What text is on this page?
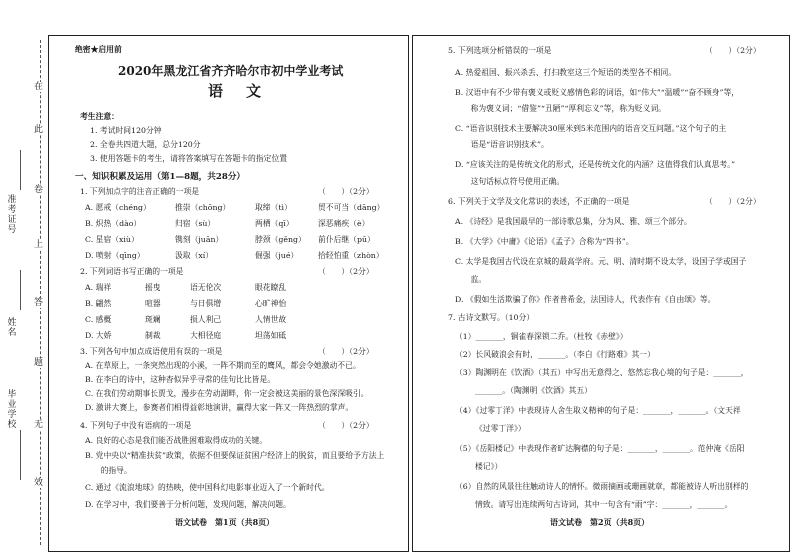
在
此
卷
上
答
题
无
效
准考证号
姓名
毕业学校
绝密★启用前
2020年黑龙江省齐齐哈尔市初中学业考试
语　文
考生注意：
1. 考试时间120分钟
2. 全卷共四道大题，总分120分
3. 使用答题卡的考生，请将答案填写在答题卡的指定位置
一、知识积累及运用（第1—8题，共28分）
1. 下列加点字的注音正确的一项是	（　　）（2分）
A. 愿戒（chéng）	推崇（chōng）	取缔（tì）	贸不可当（dāng）
B. 炽热（dào）	归宿（sù）	两栖（qī）	深恶痛疾（è）
C. 星宿（xiù）	镌刻（juān）	脖颈（gěng） 前仆后继（pū）
D. 喷射（qīng）	汲取（xí）	倔强（jué）	拾轻怕重（zhòn）
2. 下列词语书写正确的一项是	（　　）（2分）
A. 瑞祥	摇曳	语无伦次	眼花瞭乱
B. 翩然	喧器	与日俱增	心旷神怡
C. 感概	斑斓	损人利己	人情世故
D. 大娇	制裁	大相径庭	坦荡如砥
3. 下列各句中加点成语使用有误的一项是	（　　）（2分）
A. 在草原上，一条突然出现的小溪，一阵不期而至的鹰风，都会令她激动不已。
B. 在李白的诗中，这种杳似异乎寻常的佳句比比皆是。
C. 在我们劳动期事长贾戈，漫步在劳动湖畔，你一定会被这美丽的景色深深吸引。
D. 激讲大赛上，参赛者们相得益彰地演讲，赢得大家一阵又一阵热烈的掌声。
4. 下列句子中没有语病的一项是	（　　）（2分）
A. 良好的心态是我们能否战胜困难取得成功的关键。
B. 党中央以“精准扶贫”政策，依据不但要保证贫困户经济上的脱贫，而且要给予方法上
　　的指导。
C. 通过《流浪地球》的热映，使中国科幻电影事业迈入了一个新时代。
D. 在学习中，我们要善于分析问题，发现问题，解决问题。
语文试卷　第1页（共8页）
5. 下列选项分析错误的一项是	（　　）（2分）
A. 热爱祖国、振兴杀丢、打扫教室这三个短语的类型各不相同。
B. 汉语中有不少带有褒义或贬义感情色彩的词语，如“伟大”“温暖”“奋不顾身”等，
　　称为褒义词；“借鉴”“丑陋”“厚利忘义”等，称为贬义词。
C. “语音识别技术主要解决30厘米到5米范围内的语音交互问题。”这个句子的主
　　语是“语音识别技术”。
D. “应该关注的是传统文化的形式，还是传统文化的内涵？这值得我们认真思考。”
　　这句话标点符号使用正确。
6. 下列关于文学及文化常识的表述，不正确的一项是	（　　）（2分）
A. 《诗经》是我国最早的一部诗歌总集，分为风、雅、颂三个部分。
B. 《大学》《中庸》《论语》《孟子》合称为“四书”。
C. 太学是我国古代设在京城的最高学府。元、明、清时期不设太学，设国子学或国子
　　监。
D. 《假如生活欺骗了你》作者普希金，法国诗人，代表作有《自由颂》等。
7. 古诗文默写。（10分）
（1）_______，铜雀春深锁二乔。（杜牧《赤壁》）
（2）长风破浪会有时，_______。（李白《行路难》其一）
（3）陶渊明在《饮酒》（其五）中写出无意得之、悠然忘我心境的句子是：_______，
_______。（陶渊明《饮酒》其五）
（4）《过零丁洋》中表现诗人舍生取义精神的句子是：_______，_______。（文天祥
《过零丁洋》）
（5）《岳阳楼记》中表现作者旷达胸襟的句子是：_______，_______。范仲淹《岳阳
楼记》）
（6）自然的风景往往触动诗人的情怀。微雨摘画或珊画就章，都能被诗人听出别样的
情致。请写出连续两句古诗词，其中一句含有“雨”字：_______，_______。
语文试卷　第2页（共8页）
